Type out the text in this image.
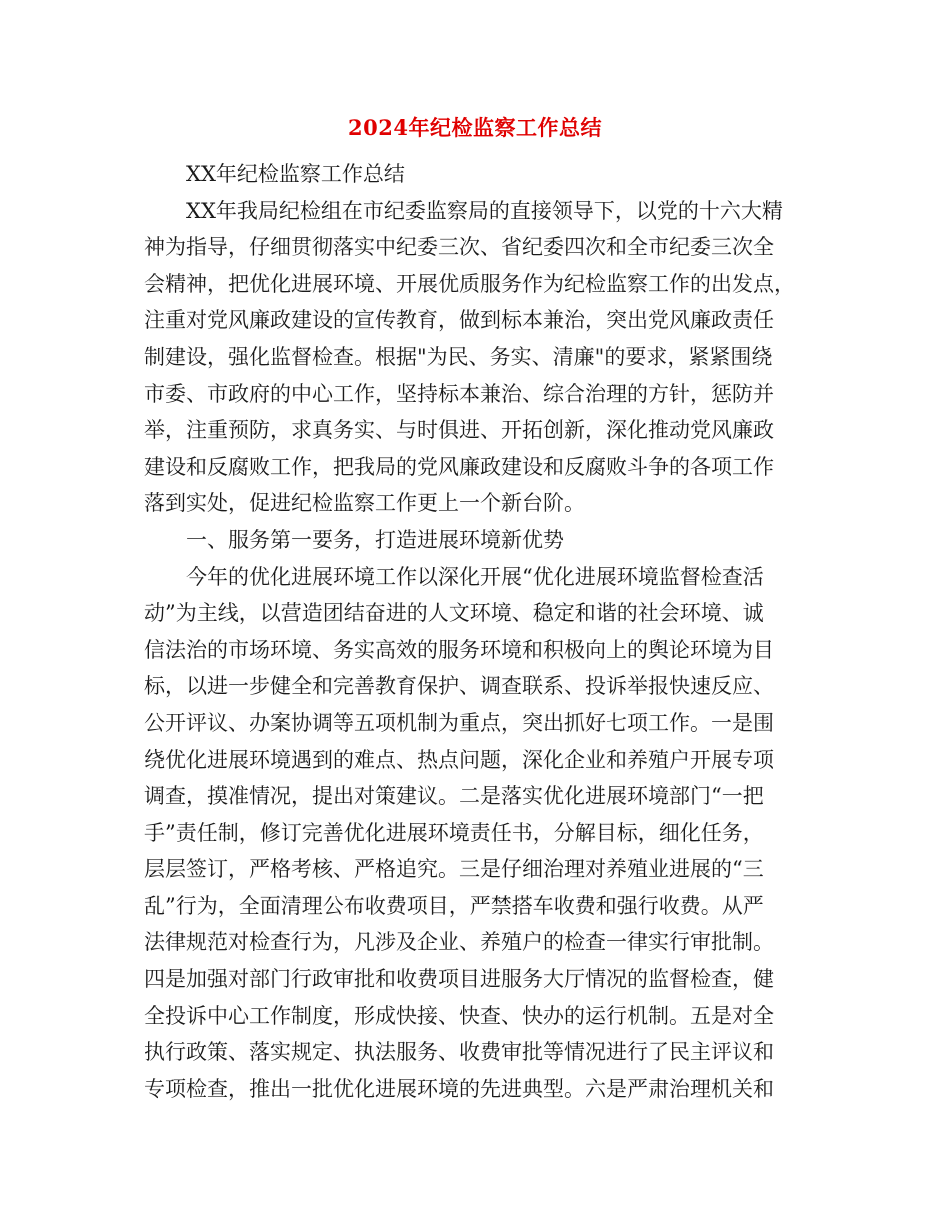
2024年纪检监察工作总结
XX年纪检监察工作总结
XX年我局纪检组在市纪委监察局的直接领导下，以党的十六大精
神为指导，仔细贯彻落实中纪委三次、省纪委四次和全市纪委三次全
会精神，把优化进展环境、开展优质服务作为纪检监察工作的出发点，
注重对党风廉政建设的宣传教育，做到标本兼治，突出党风廉政责任
制建设，强化监督检查。根据"为民、务实、清廉"的要求，紧紧围绕
市委、市政府的中心工作，坚持标本兼治、综合治理的方针，惩防并
举，注重预防，求真务实、与时俱进、开拓创新，深化推动党风廉政
建设和反腐败工作，把我局的党风廉政建设和反腐败斗争的各项工作
落到实处，促进纪检监察工作更上一个新台阶。
一、服务第一要务，打造进展环境新优势
今年的优化进展环境工作以深化开展“优化进展环境监督检查活
动”为主线，以营造团结奋进的人文环境、稳定和谐的社会环境、诚
信法治的市场环境、务实高效的服务环境和积极向上的舆论环境为目
标，以进一步健全和完善教育保护、调查联系、投诉举报快速反应、
公开评议、办案协调等五项机制为重点，突出抓好七项工作。一是围
绕优化进展环境遇到的难点、热点问题，深化企业和养殖户开展专项
调查，摸准情况，提出对策建议。二是落实优化进展环境部门“一把
手”责任制，修订完善优化进展环境责任书，分解目标，细化任务，
层层签订，严格考核、严格追究。三是仔细治理对养殖业进展的“三
乱”行为，全面清理公布收费项目，严禁搭车收费和强行收费。从严
法律规范对检查行为，凡涉及企业、养殖户的检查一律实行审批制。
四是加强对部门行政审批和收费项目进服务大厅情况的监督检查，健
全投诉中心工作制度，形成快接、快查、快办的运行机制。五是对全
执行政策、落实规定、执法服务、收费审批等情况进行了民主评议和
专项检查，推出一批优化进展环境的先进典型。六是严肃治理机关和
